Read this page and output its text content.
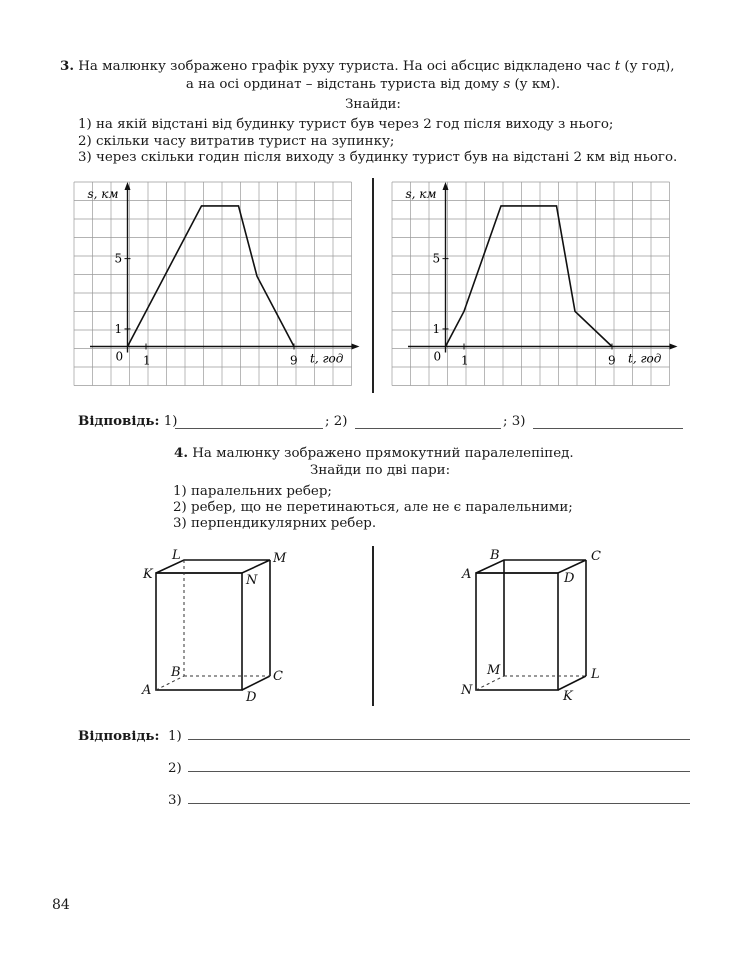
3. На малюнку зображено графік руху туриста. На осі абсцис відкладено час t (у год),
а на осі ординат – відстань туриста від дому s (у км).
Знайди:
1) на якій відстані від будинку турист був через 2 год після виходу з нього;
2) скільки часу витратив турист на зупинку;
3) через скільки годин після виходу з будинку турист був на відстані 2 км від нього.
0 1	9
1
5
s, км
t, год	0 1	9
1
5
s, км
t, год
Відповідь: 1)	; 2)	; 3)
4. На малюнку зображено прямокутний паралелепіпед.
Знайди по дві пари:
1) паралельних ребер;
2) ребер, що не перетинаються, але не є паралельними;
3) перпендикулярних ребер.
L	M
K	N
B	C
A	D
B	C
A	D
M	L
N	K
Відповідь: 1)
2)
3)
84
